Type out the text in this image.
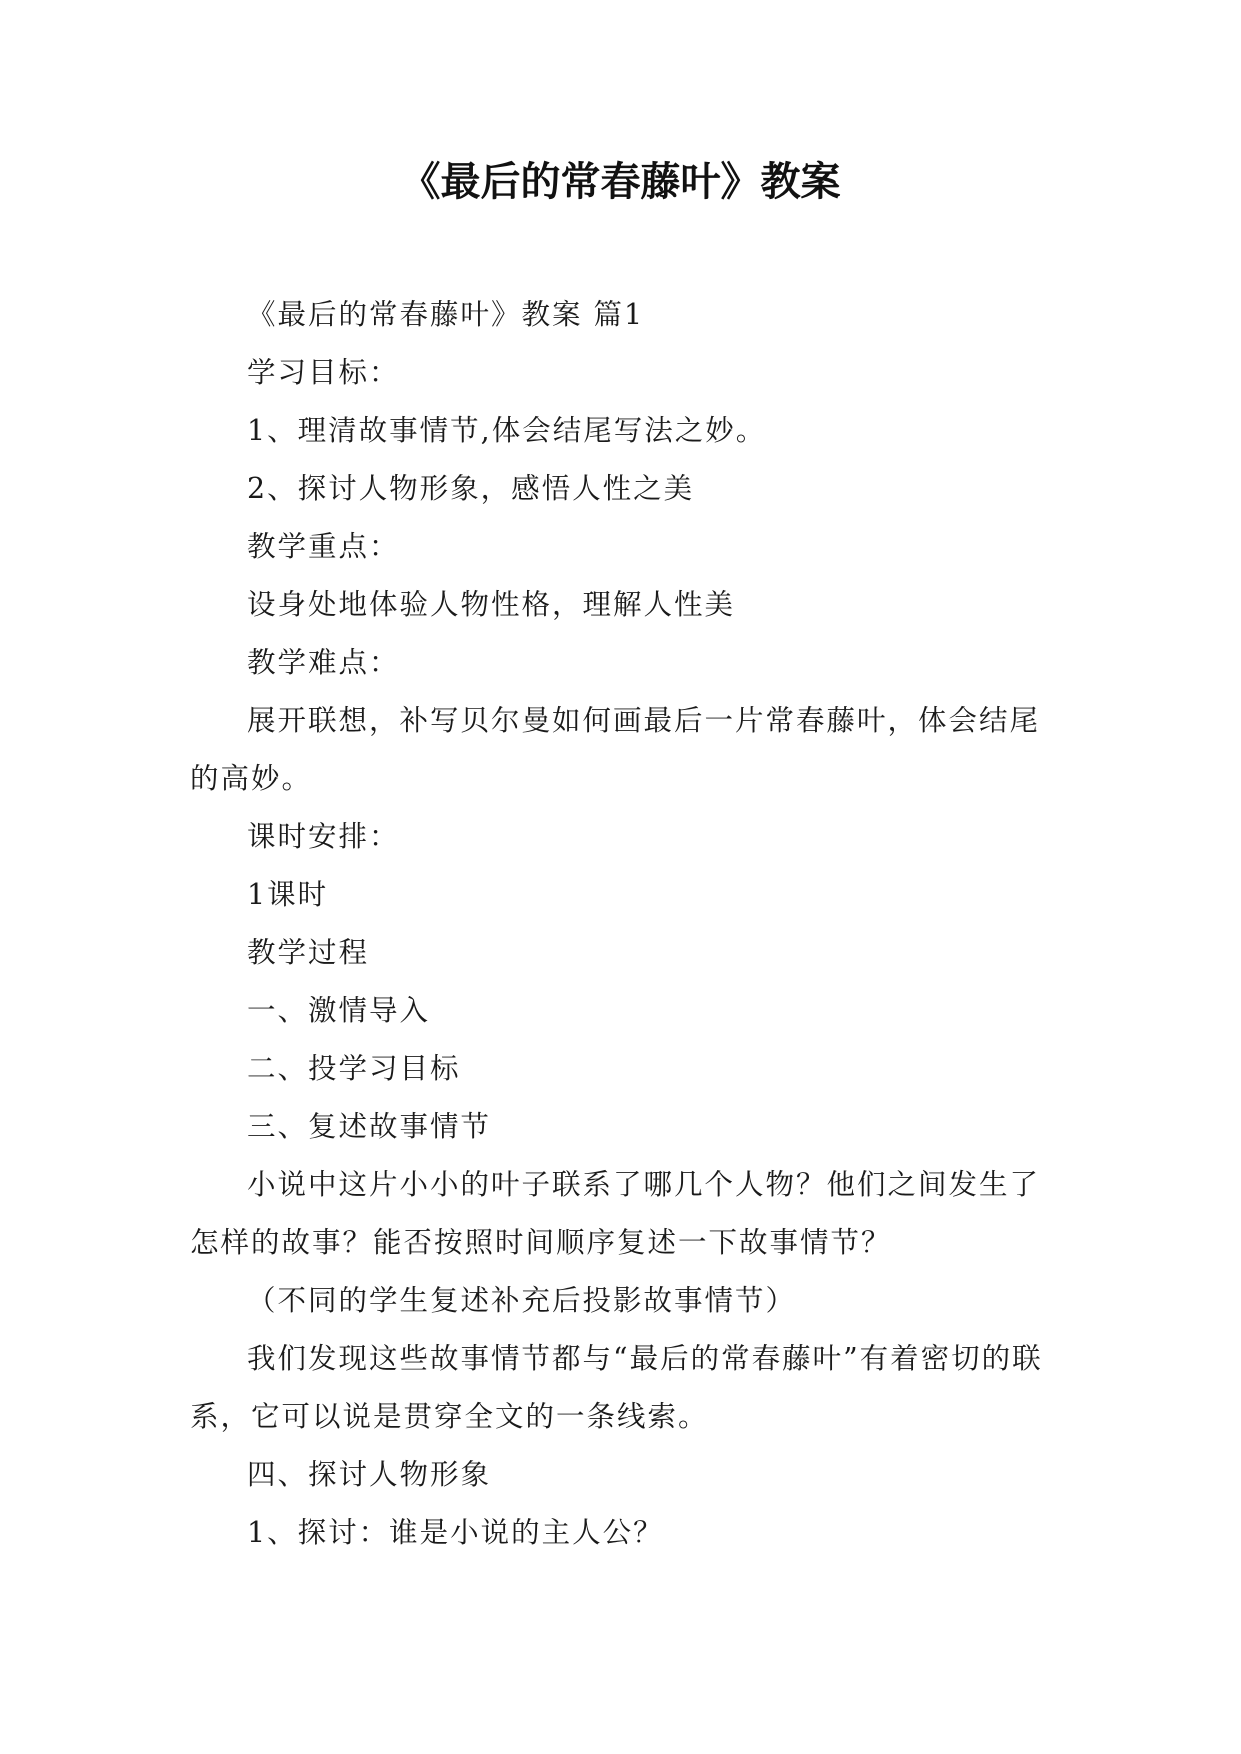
《最后的常春藤叶》教案

《最后的常春藤叶》教案 篇1

学习目标：

1、理清故事情节,体会结尾写法之妙。

2、探讨人物形象，感悟人性之美

教学重点：

设身处地体验人物性格，理解人性美

教学难点：

展开联想，补写贝尔曼如何画最后一片常春藤叶，体会结尾的高妙。

课时安排：

1课时

教学过程

一、激情导入

二、投学习目标

三、复述故事情节

小说中这片小小的叶子联系了哪几个人物？他们之间发生了怎样的故事？能否按照时间顺序复述一下故事情节？

（不同的学生复述补充后投影故事情节）

我们发现这些故事情节都与“最后的常春藤叶”有着密切的联系，它可以说是贯穿全文的一条线索。

四、探讨人物形象

1、探讨：谁是小说的主人公？
